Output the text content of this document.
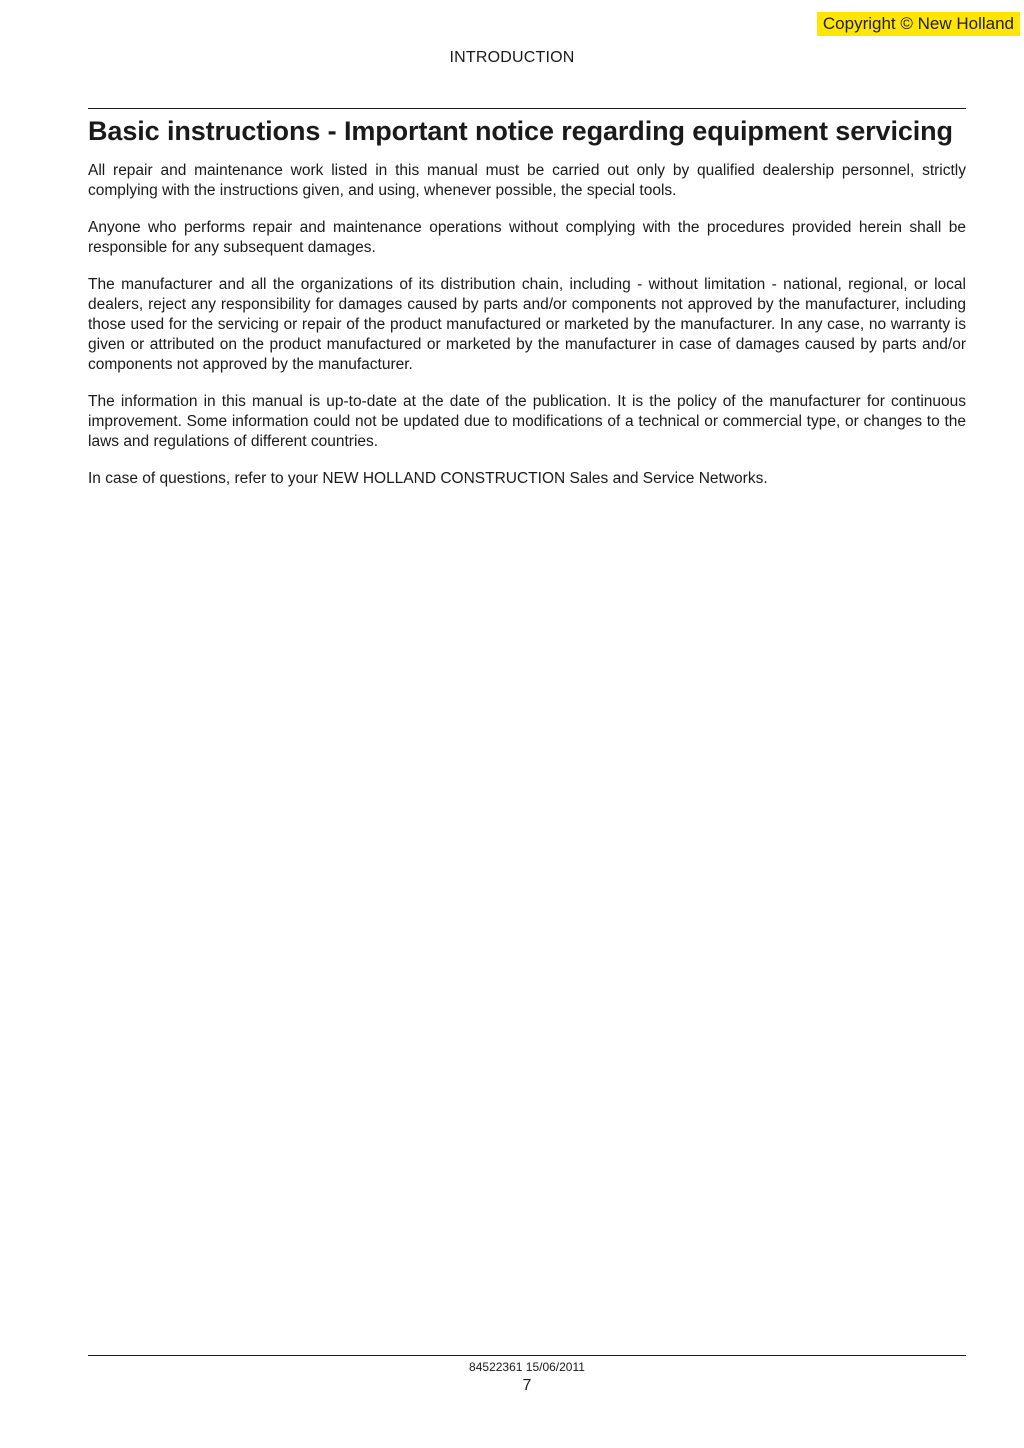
Copyright © New Holland
INTRODUCTION
Basic instructions - Important notice regarding equipment servicing

All repair and maintenance work listed in this manual must be carried out only by qualified dealership personnel, strictly complying with the instructions given, and using, whenever possible, the special tools.

Anyone who performs repair and maintenance operations without complying with the procedures provided herein shall be responsible for any subsequent damages.

The manufacturer and all the organizations of its distribution chain, including - without limitation - national, regional, or local dealers, reject any responsibility for damages caused by parts and/or components not approved by the manufacturer, including those used for the servicing or repair of the product manufactured or marketed by the manufacturer. In any case, no warranty is given or attributed on the product manufactured or marketed by the manufacturer in case of damages caused by parts and/or components not approved by the manufacturer.

The information in this manual is up-to-date at the date of the publication. It is the policy of the manufacturer for continuous improvement. Some information could not be updated due to modifications of a technical or commercial type, or changes to the laws and regulations of different countries.

In case of questions, refer to your NEW HOLLAND CONSTRUCTION Sales and Service Networks.

84522361 15/06/2011
7
